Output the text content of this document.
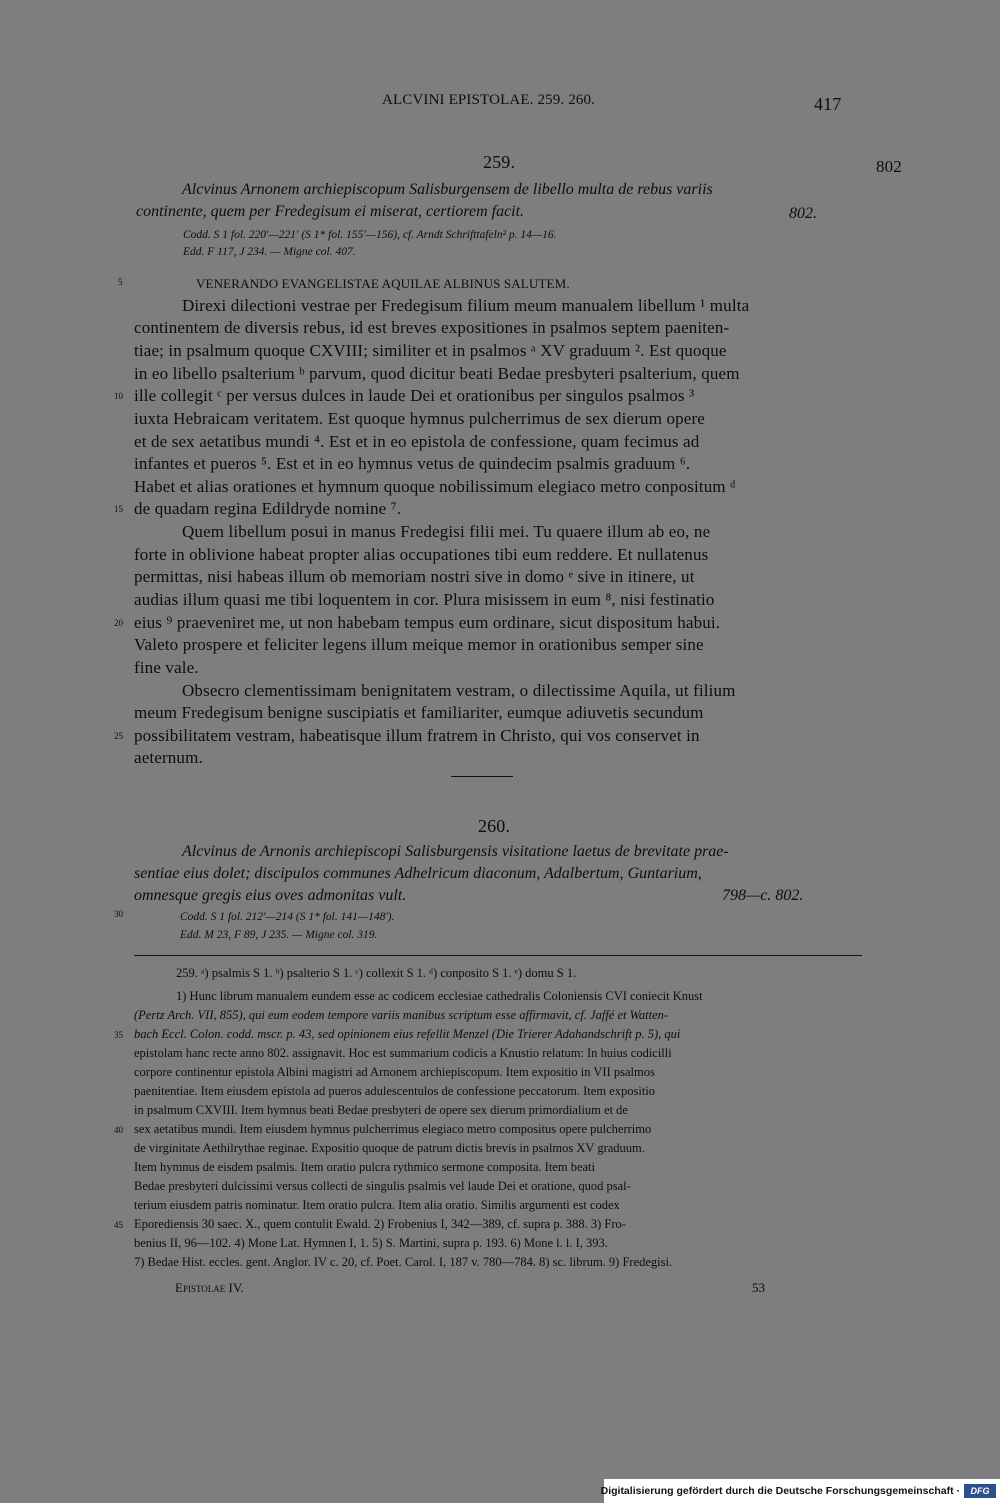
ALCVINI EPISTOLAE. 259. 260.	417
802
259.
Alcvinus Arnonem archiepiscopum Salisburgensem de libello multa de rebus variis
continente, quem per Fredegisum ei miserat, certiorem facit.	802.
Codd. S 1 fol. 220'—221' (S 1* fol. 155'—156), cf. Arndt Schrifttafeln² p. 14—16.
Edd. F 117, J 234. — Migne col. 407.
VENERANDO EVANGELISTAE AQUILAE ALBINUS SALUTEM.
Direxi dilectioni vestrae per Fredegisum filium meum manualem libellum ¹ multa
continentem de diversis rebus, id est breves expositiones in psalmos septem paeniten-
tiae; in psalmum quoque CXVIII; similiter et in psalmos ᵃ XV graduum ². Est quoque
in eo libello psalterium ᵇ parvum, quod dicitur beati Bedae presbyteri psalterium, quem
ille collegit ᶜ per versus dulces in laude Dei et orationibus per singulos psalmos ³
iuxta Hebraicam veritatem. Est quoque hymnus pulcherrimus de sex dierum opere
et de sex aetatibus mundi ⁴. Est et in eo epistola de confessione, quam fecimus ad
infantes et pueros ⁵. Est et in eo hymnus vetus de quindecim psalmis graduum ⁶.
Habet et alias orationes et hymnum quoque nobilissimum elegiaco metro conpositum ᵈ
de quadam regina Edildryde nomine ⁷.
Quem libellum posui in manus Fredegisi filii mei. Tu quaere illum ab eo, ne
forte in oblivione habeat propter alias occupationes tibi eum reddere. Et nullatenus
permittas, nisi habeas illum ob memoriam nostri sive in domo ᵉ sive in itinere, ut
audias illum quasi me tibi loquentem in cor. Plura misissem in eum ⁸, nisi festinatio
eius ⁹ praeveniret me, ut non habebam tempus eum ordinare, sicut dispositum habui.
Valeto prospere et feliciter legens illum meique memor in orationibus semper sine
fine vale.
Obsecro clementissimam benignitatem vestram, o dilectissime Aquila, ut filium
meum Fredegisum benigne suscipiatis et familiariter, eumque adiuvetis secundum
possibilitatem vestram, habeatisque illum fratrem in Christo, qui vos conservet in
aeternum.
260.
Alcvinus de Arnonis archiepiscopi Salisburgensis visitatione laetus de brevitate prae-
sentiae eius dolet; discipulos communes Adhelricum diaconum, Adalbertum, Guntarium,
omnesque gregis eius oves admonitas vult.	798—c. 802.
Codd. S 1 fol. 212'—214 (S 1* fol. 141—148').
Edd. M 23, F 89, J 235. — Migne col. 319.
259. ᵃ) psalmis S 1. ᵇ) psalterio S 1. ᶜ) collexit S 1. ᵈ) conposito S 1. ᵉ) domu S 1.
1) Hunc librum manualem eundem esse ac codicem ecclesiae cathedralis Coloniensis CVI coniecit Knust
(Pertz Arch. VII, 855), qui eum eodem tempore variis manibus scriptum esse affirmavit, cf. Jaffé et Watten-
bach Eccl. Colon. codd. mscr. p. 43, sed opinionem eius refellit Menzel (Die Trierer Adahandschrift p. 5), qui
epistolam hanc recte anno 802. assignavit. Hoc est summarium codicis a Knustio relatum: In huius codicilli
corpore continentur epistola Albini magistri ad Arnonem archiepiscopum. Item expositio in VII psalmos
paenitentiae. Item eiusdem epistola ad pueros adulescentulos de confessione peccatorum. Item expositio
in psalmum CXVIII. Item hymnus beati Bedae presbyteri de opere sex dierum primordialium et de
sex aetatibus mundi. Item eiusdem hymnus pulcherrimus elegiaco metro compositus opere pulcherrimo
de virginitate Aethilrythae reginae. Expositio quoque de patrum dictis brevis in psalmos XV graduum.
Item hymnus de eisdem psalmis. Item oratio pulcra rythmico sermone composita. Item beati
Bedae presbyteri dulcissimi versus collecti de singulis psalmis vel laude Dei et oratione, quod psal-
terium eiusdem patris nominatur. Item oratio pulcra. Item alia oratio. Similis argumenti est codex
Eporediensis 30 saec. X., quem contulit Ewald. 2) Frobenius I, 342—389, cf. supra p. 388. 3) Fro-
benius II, 96—102. 4) Mone Lat. Hymnen I, 1. 5) S. Martini, supra p. 193. 6) Mone l. l. I, 393.
7) Bedae Hist. eccles. gent. Anglor. IV c. 20, cf. Poet. Carol. I, 187 v. 780—784. 8) sc. librum. 9) Fredegisi.
Epistolae IV.	53
5
10
15
20
25
30
35
40
45
Digitalisierung gefördert durch die Deutsche Forschungsgemeinschaft ·	DFG
